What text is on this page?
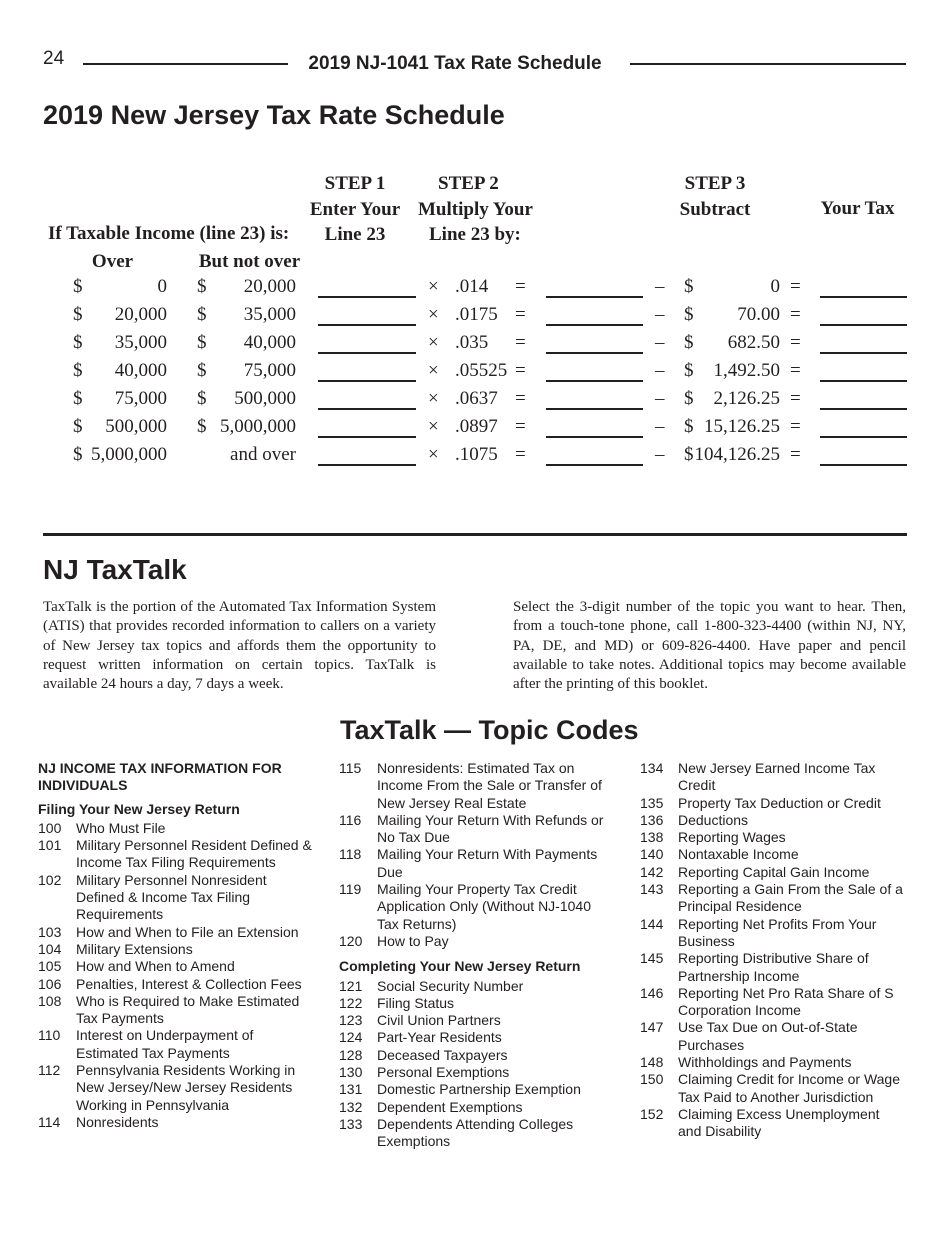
24	2019 NJ-1041 Tax Rate Schedule
2019 New Jersey Tax Rate Schedule
If Taxable Income (line 23) is:
Over	But not over
STEP 1
Enter Your
Line 23
STEP 2
Multiply Your
Line 23 by:
STEP 3
Subtract	Your Tax
$	0 $	20,000	× .014	=	– $	0 =
$	20,000 $	35,000	× .0175 =	– $	70.00 =
$	35,000 $	40,000	× .035	=	– $	682.50 =
$	40,000 $	75,000	× .05525 =	– $	1,492.50 =
$	75,000 $	500,000	× .0637 =	– $	2,126.25 =
$	500,000 $ 5,000,000	× .0897 =	– $ 15,126.25 =
$ 5,000,000	and over	× .1075 =	– $ 104,126.25 =
NJ TaxTalk
TaxTalk is the portion of the Automated Tax Information System (ATIS) that provides recorded information to callers on a variety of New Jersey tax topics and affords them the opportunity to request written information on certain topics. TaxTalk is available 24 hours a day, 7 days a week.
Select the 3-digit number of the topic you want to hear. Then, from a touch-tone phone, call 1-800-323-4400 (within NJ, NY, PA, DE, and MD) or 609-826-4400. Have paper and pencil available to take notes. Additional topics may become available after the printing of this booklet.
TaxTalk — Topic Codes
NJ INCOME TAX INFORMATION FOR INDIVIDUALS
Filing Your New Jersey Return
100	Who Must File
101	Military Personnel Resident Defined & Income Tax Filing Requirements
102	Military Personnel Nonresident Defined & Income Tax Filing Requirements
103	How and When to File an Extension
104	Military Extensions
105	How and When to Amend
106	Penalties, Interest & Collection Fees
108	Who is Required to Make Estimated Tax Payments
110	Interest on Underpayment of Estimated Tax Payments
112	Pennsylvania Residents Working in New Jersey/New Jersey Residents Working in Pennsylvania
114	Nonresidents
115	Nonresidents: Estimated Tax on Income From the Sale or Transfer of New Jersey Real Estate
116	Mailing Your Return With Refunds or No Tax Due
118	Mailing Your Return With Payments Due
119	Mailing Your Property Tax Credit Application Only (Without NJ-1040 Tax Returns)
120	How to Pay
Completing Your New Jersey Return
121	Social Security Number
122	Filing Status
123	Civil Union Partners
124	Part-Year Residents
128	Deceased Taxpayers
130	Personal Exemptions
131	Domestic Partnership Exemption
132	Dependent Exemptions
133	Dependents Attending Colleges Exemptions
134	New Jersey Earned Income Tax Credit
135	Property Tax Deduction or Credit
136	Deductions
138	Reporting Wages
140	Nontaxable Income
142	Reporting Capital Gain Income
143	Reporting a Gain From the Sale of a Principal Residence
144	Reporting Net Profits From Your Business
145	Reporting Distributive Share of Partnership Income
146	Reporting Net Pro Rata Share of S Corporation Income
147	Use Tax Due on Out-of-State Purchases
148	Withholdings and Payments
150	Claiming Credit for Income or Wage Tax Paid to Another Jurisdiction
152	Claiming Excess Unemployment and Disability
